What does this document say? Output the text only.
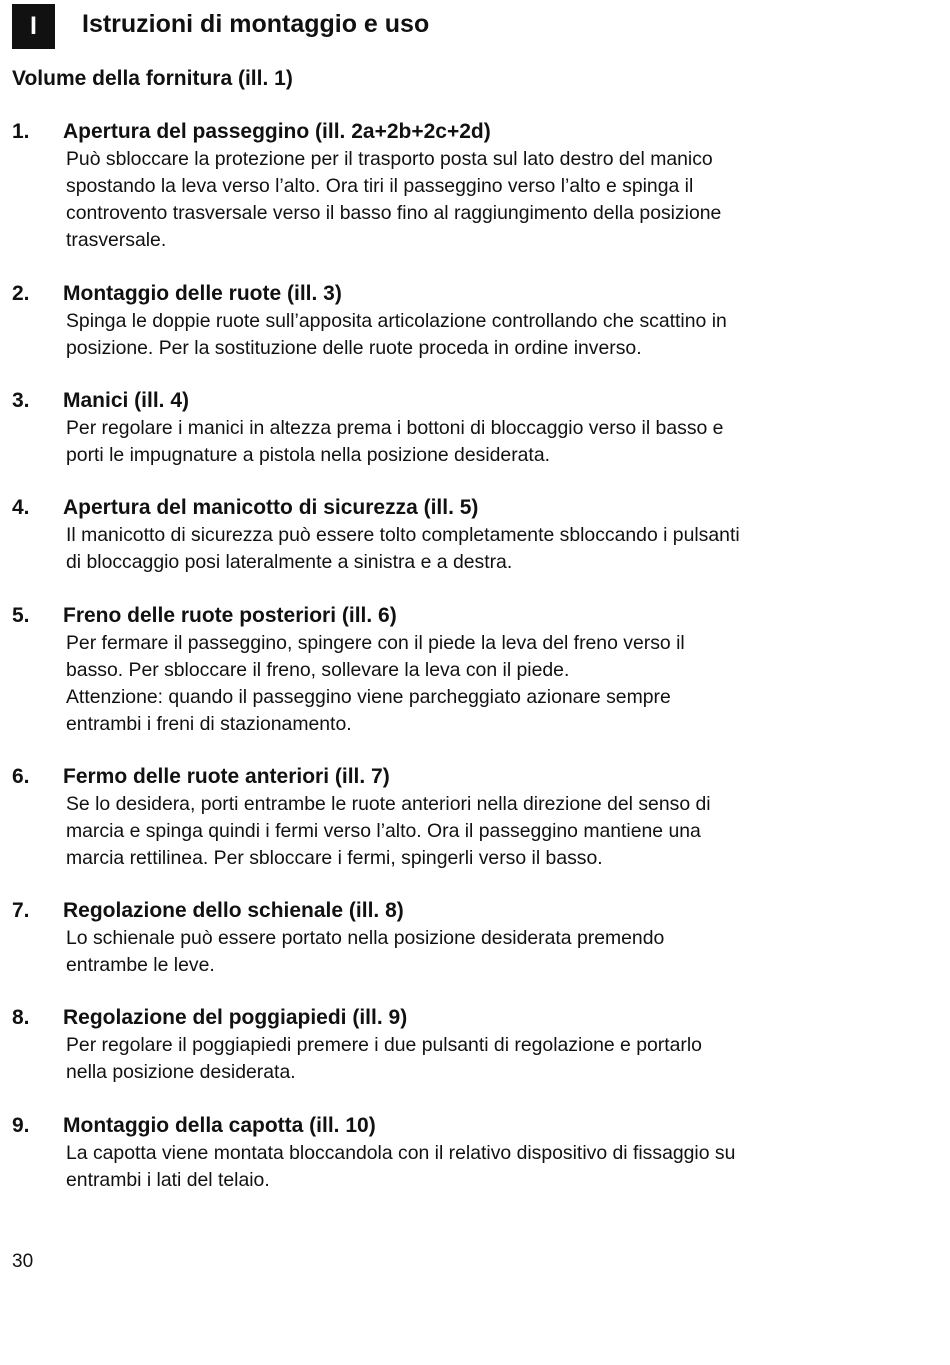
I	Istruzioni di montaggio e uso
Volume della fornitura (ill. 1)
1. Apertura del passeggino (ill. 2a+2b+2c+2d)

Può sbloccare la protezione per il trasporto posta sul lato destro del manico
spostando la leva verso l’alto. Ora tiri il passeggino verso l’alto e spinga il
controvento trasversale verso il basso fino al raggiungimento della posizione
trasversale.

2. Montaggio delle ruote (ill. 3)

Spinga le doppie ruote sull’apposita articolazione controllando che scattino in
posizione. Per la sostituzione delle ruote proceda in ordine inverso.

3. Manici (ill. 4)

Per regolare i manici in altezza prema i bottoni di bloccaggio verso il basso e
porti le impugnature a pistola nella posizione desiderata.

4. Apertura del manicotto di sicurezza (ill. 5)

Il manicotto di sicurezza può essere tolto completamente sbloccando i pulsanti
di bloccaggio posi lateralmente a sinistra e a destra.

5. Freno delle ruote posteriori (ill. 6)

Per fermare il passeggino, spingere con il piede la leva del freno verso il
basso. Per sbloccare il freno, sollevare la leva con il piede.

Attenzione: quando il passeggino viene parcheggiato azionare sempre
entrambi i freni di stazionamento.

6. Fermo delle ruote anteriori (ill. 7)

Se lo desidera, porti entrambe le ruote anteriori nella direzione del senso di
marcia e spinga quindi i fermi verso l’alto. Ora il passeggino mantiene una
marcia rettilinea. Per sbloccare i fermi, spingerli verso il basso.

7. Regolazione dello schienale (ill. 8)

Lo schienale può essere portato nella posizione desiderata premendo
entrambe le leve.

8. Regolazione del poggiapiedi (ill. 9)

Per regolare il poggiapiedi premere i due pulsanti di regolazione e portarlo
nella posizione desiderata.

9. Montaggio della capotta (ill. 10)

La capotta viene montata bloccandola con il relativo dispositivo di fissaggio su
entrambi i lati del telaio.

30
